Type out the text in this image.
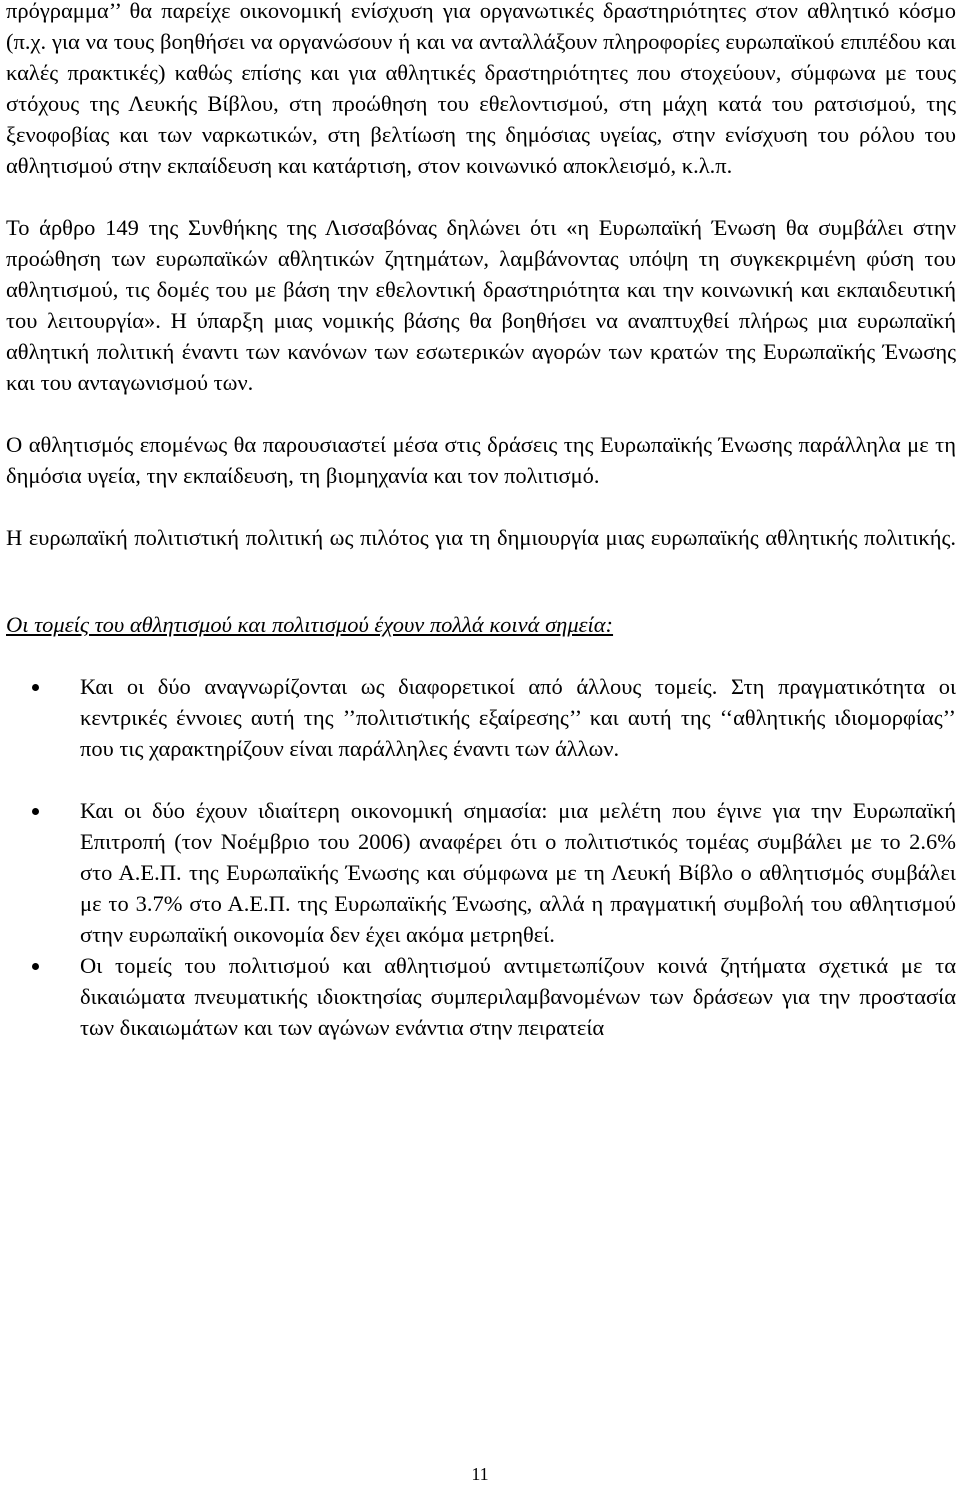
πρόγραμμα’’ θα παρείχε οικονομική ενίσχυση για οργανωτικές δραστηριότητες στον αθλητικό κόσμο (π.χ. για να τους βοηθήσει να οργανώσουν ή και να ανταλλάξουν πληροφορίες ευρωπαϊκού επιπέδου και καλές πρακτικές) καθώς επίσης και για αθλητικές δραστηριότητες που στοχεύουν, σύμφωνα με τους στόχους της Λευκής Βίβλου, στη προώθηση του εθελοντισμού, στη μάχη κατά του ρατσισμού, της ξενοφοβίας και των ναρκωτικών, στη βελτίωση της δημόσιας υγείας, στην ενίσχυση του ρόλου του αθλητισμού στην εκπαίδευση και κατάρτιση, στον κοινωνικό αποκλεισμό, κ.λ.π.

Το άρθρο 149 της Συνθήκης της Λισσαβόνας δηλώνει ότι «η Ευρωπαϊκή Ένωση θα συμβάλει στην προώθηση των ευρωπαϊκών αθλητικών ζητημάτων, λαμβάνοντας υπόψη τη συγκεκριμένη φύση του αθλητισμού, τις δομές του με βάση την εθελοντική δραστηριότητα και την κοινωνική και εκπαιδευτική του λειτουργία». Η ύπαρξη μιας νομικής βάσης θα βοηθήσει να αναπτυχθεί πλήρως μια ευρωπαϊκή αθλητική πολιτική έναντι των κανόνων των εσωτερικών αγορών των κρατών της Ευρωπαϊκής Ένωσης και του ανταγωνισμού των.

Ο αθλητισμός επομένως θα παρουσιαστεί μέσα στις δράσεις της Ευρωπαϊκής Ένωσης παράλληλα με τη δημόσια υγεία, την εκπαίδευση, τη βιομηχανία και τον πολιτισμό.

Η ευρωπαϊκή πολιτιστική πολιτική ως πιλότος για τη δημιουργία μιας ευρωπαϊκής αθλητικής πολιτικής.

Οι τομείς του αθλητισμού και πολιτισμού έχουν πολλά κοινά σημεία:

Και οι δύο αναγνωρίζονται ως διαφορετικοί από άλλους τομείς. Στη πραγματικότητα οι κεντρικές έννοιες αυτή της ’’πολιτιστικής εξαίρεσης’’ και αυτή της ‘‘αθλητικής ιδιομορφίας’’ που τις χαρακτηρίζουν είναι παράλληλες έναντι των άλλων.
Και οι δύο έχουν ιδιαίτερη οικονομική σημασία: μια μελέτη που έγινε για την Ευρωπαϊκή Επιτροπή (τον Νοέμβριο του 2006) αναφέρει ότι ο πολιτιστικός τομέας συμβάλει με το 2.6% στο Α.Ε.Π. της Ευρωπαϊκής Ένωσης και σύμφωνα με τη Λευκή Βίβλο ο αθλητισμός συμβάλει με το 3.7% στο Α.Ε.Π. της Ευρωπαϊκής Ένωσης, αλλά η πραγματική συμβολή του αθλητισμού στην ευρωπαϊκή οικονομία δεν έχει ακόμα μετρηθεί.
Οι τομείς του πολιτισμού και αθλητισμού αντιμετωπίζουν κοινά ζητήματα σχετικά με τα δικαιώματα πνευματικής ιδιοκτησίας συμπεριλαμβανομένων των δράσεων για την προστασία των δικαιωμάτων και των αγώνων ενάντια στην πειρατεία
11
